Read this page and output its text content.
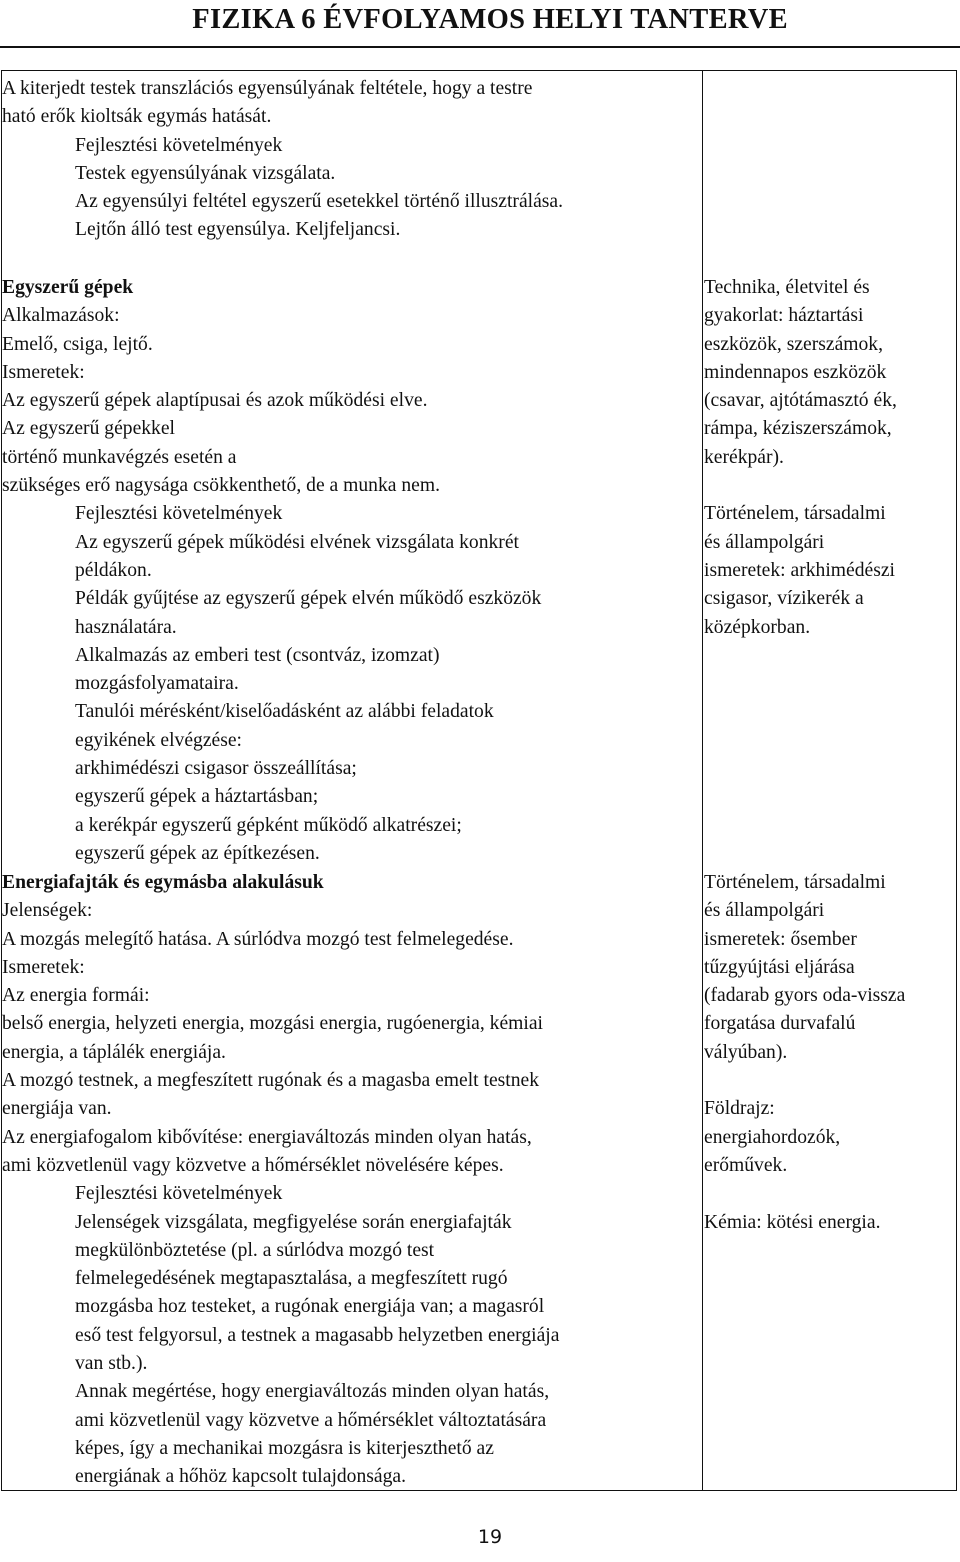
FIZIKA 6 ÉVFOLYAMOS HELYI TANTERVE
A kiterjedt testek transzlációs egyensúlyának feltétele, hogy a testre
ható erők kioltsák egymás hatását.
Fejlesztési követelmények
Testek egyensúlyának vizsgálata.
Az egyensúlyi feltétel egyszerű esetekkel történő illusztrálása.
Lejtőn álló test egyensúlya. Keljfeljancsi.
Egyszerű gépek
Alkalmazások:
Emelő, csiga, lejtő.
Ismeretek:
Az egyszerű gépek alaptípusai és azok működési elve.
Az egyszerű gépekkel
történő munkavégzés esetén a
szükséges erő nagysága csökkenthető, de a munka nem.
Fejlesztési követelmények
Az egyszerű gépek működési elvének vizsgálata konkrét
példákon.
Példák gyűjtése az egyszerű gépek elvén működő eszközök
használatára.
Alkalmazás az emberi test (csontváz, izomzat)
mozgásfolyamataira.
Tanulói mérésként/kiselőadásként az alábbi feladatok
egyikének elvégzése:
arkhimédészi csigasor összeállítása;
egyszerű gépek a háztartásban;
a kerékpár egyszerű gépként működő alkatrészei;
egyszerű gépek az építkezésen.
Technika, életvitel és
gyakorlat: háztartási
eszközök, szerszámok,
mindennapos eszközök
(csavar, ajtótámasztó ék,
rámpa, kéziszerszámok,
kerékpár).
Történelem, társadalmi
és állampolgári
ismeretek: arkhimédészi
csigasor, vízikerék a
középkorban.
Energiafajták és egymásba alakulásuk
Jelenségek:
A mozgás melegítő hatása. A súrlódva mozgó test felmelegedése.
Ismeretek:
Az energia formái:
belső energia, helyzeti energia, mozgási energia, rugóenergia, kémiai
energia, a táplálék energiája.
A mozgó testnek, a megfeszített rugónak és a magasba emelt testnek
energiája van.
Az energiafogalom kibővítése: energiaváltozás minden olyan hatás,
ami közvetlenül vagy közvetve a hőmérséklet növelésére képes.
Fejlesztési követelmények
Jelenségek vizsgálata, megfigyelése során energiafajták
megkülönböztetése (pl. a súrlódva mozgó test
felmelegedésének megtapasztalása, a megfeszített rugó
mozgásba hoz testeket, a rugónak energiája van; a magasról
eső test felgyorsul, a testnek a magasabb helyzetben energiája
van stb.).
Annak megértése, hogy energiaváltozás minden olyan hatás,
ami közvetlenül vagy közvetve a hőmérséklet változtatására
képes, így a mechanikai mozgásra is kiterjeszthető az
energiának a hőhöz kapcsolt tulajdonsága.
Történelem, társadalmi
és állampolgári
ismeretek: ősember
tűzgyújtási eljárása
(fadarab gyors oda-vissza
forgatása durvafalú
vályúban).
Földrajz:
energiahordozók,
erőművek.
Kémia: kötési energia.
19
